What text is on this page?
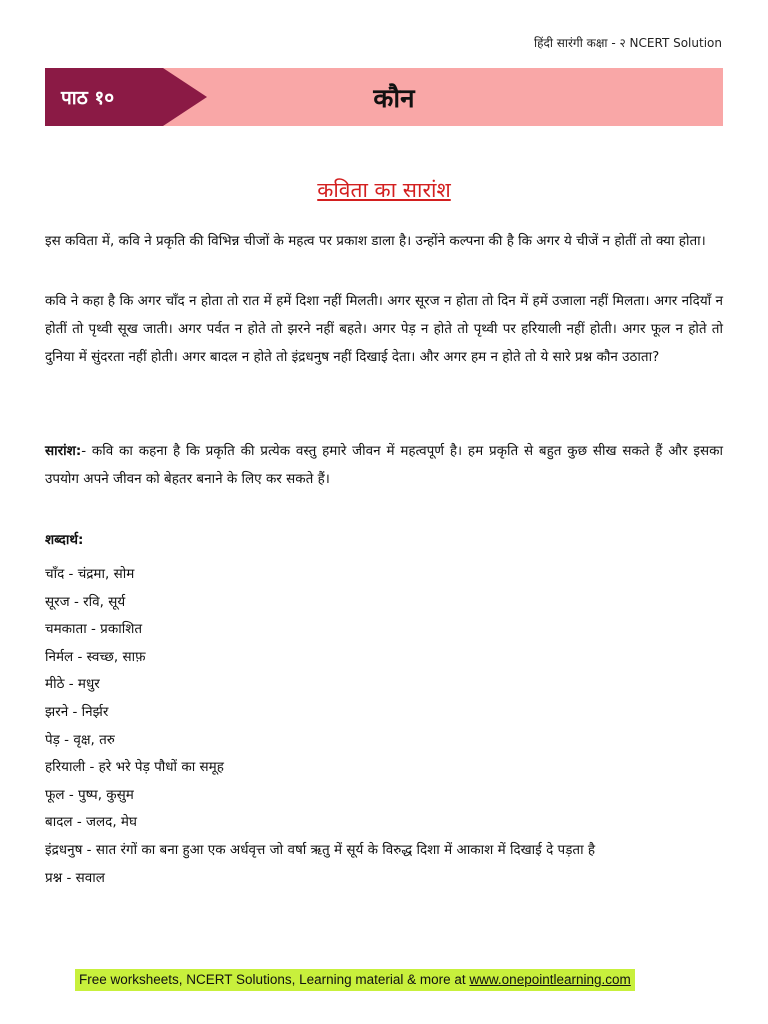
हिंदी सारंगी कक्षा - २ NCERT Solution
पाठ १०	कौन
कविता का सारांश

इस कविता में, कवि ने प्रकृति की विभिन्न चीजों के महत्व पर प्रकाश डाला है। उन्होंने कल्पना की है कि अगर ये चीजें न होतीं तो क्या होता।

कवि ने कहा है कि अगर चाँद न होता तो रात में हमें दिशा नहीं मिलती। अगर सूरज न होता तो दिन में हमें उजाला नहीं मिलता। अगर नदियाँ न होतीं तो पृथ्वी सूख जाती। अगर पर्वत न होते तो झरने नहीं बहते। अगर पेड़ न होते तो पृथ्वी पर हरियाली नहीं होती। अगर फूल न होते तो दुनिया में सुंदरता नहीं होती। अगर बादल न होते तो इंद्रधनुष नहीं दिखाई देता। और अगर हम न होते तो ये सारे प्रश्न कौन उठाता?

सारांश:- कवि का कहना है कि प्रकृति की प्रत्येक वस्तु हमारे जीवन में महत्वपूर्ण है। हम प्रकृति से बहुत कुछ सीख सकते हैं और इसका उपयोग अपने जीवन को बेहतर बनाने के लिए कर सकते हैं।

शब्दार्थ:
चाँद - चंद्रमा, सोम
सूरज - रवि, सूर्य
चमकाता - प्रकाशित
निर्मल - स्वच्छ, साफ़
मीठे - मधुर
झरने - निर्झर
पेड़ - वृक्ष, तरु
हरियाली - हरे भरे पेड़ पौधों का समूह
फूल - पुष्प, कुसुम
बादल - जलद, मेघ
इंद्रधनुष - सात रंगों का बना हुआ एक अर्धवृत्त जो वर्षा ऋतु में सूर्य के विरुद्ध दिशा में आकाश में दिखाई दे पड़ता है
प्रश्न - सवाल
Free worksheets, NCERT Solutions, Learning material & more at www.onepointlearning.com
